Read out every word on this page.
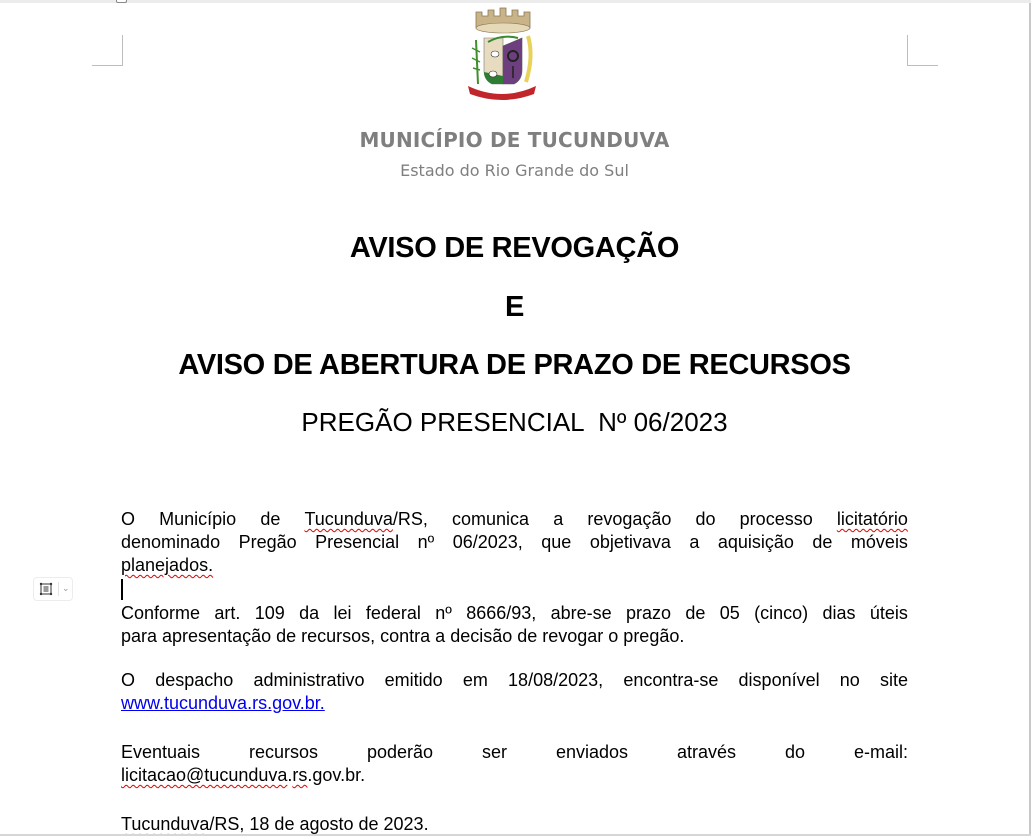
MUNICÍPIO DE TUCUNDUVA
Estado do Rio Grande do Sul
AVISO DE REVOGAÇÃO
E
AVISO DE ABERTURA DE PRAZO DE RECURSOS
PREGÃO PRESENCIAL  Nº 06/2023
O Município de Tucunduva/RS, comunica a revogação do processo licitatório
denominado Pregão Presencial nº 06/2023, que objetivava a aquisição de móveis
planejados.
Conforme art. 109 da lei federal nº 8666/93, abre-se prazo de 05 (cinco) dias úteis
para apresentação de recursos, contra a decisão de revogar o pregão.
O despacho administrativo emitido em 18/08/2023, encontra-se disponível no site
www.tucunduva.rs.gov.br.
Eventuais	recursos	poderão	ser	enviados	através	do	e-mail:
licitacao@tucunduva.rs.gov.br.
Tucunduva/RS, 18 de agosto de 2023.
⌄
